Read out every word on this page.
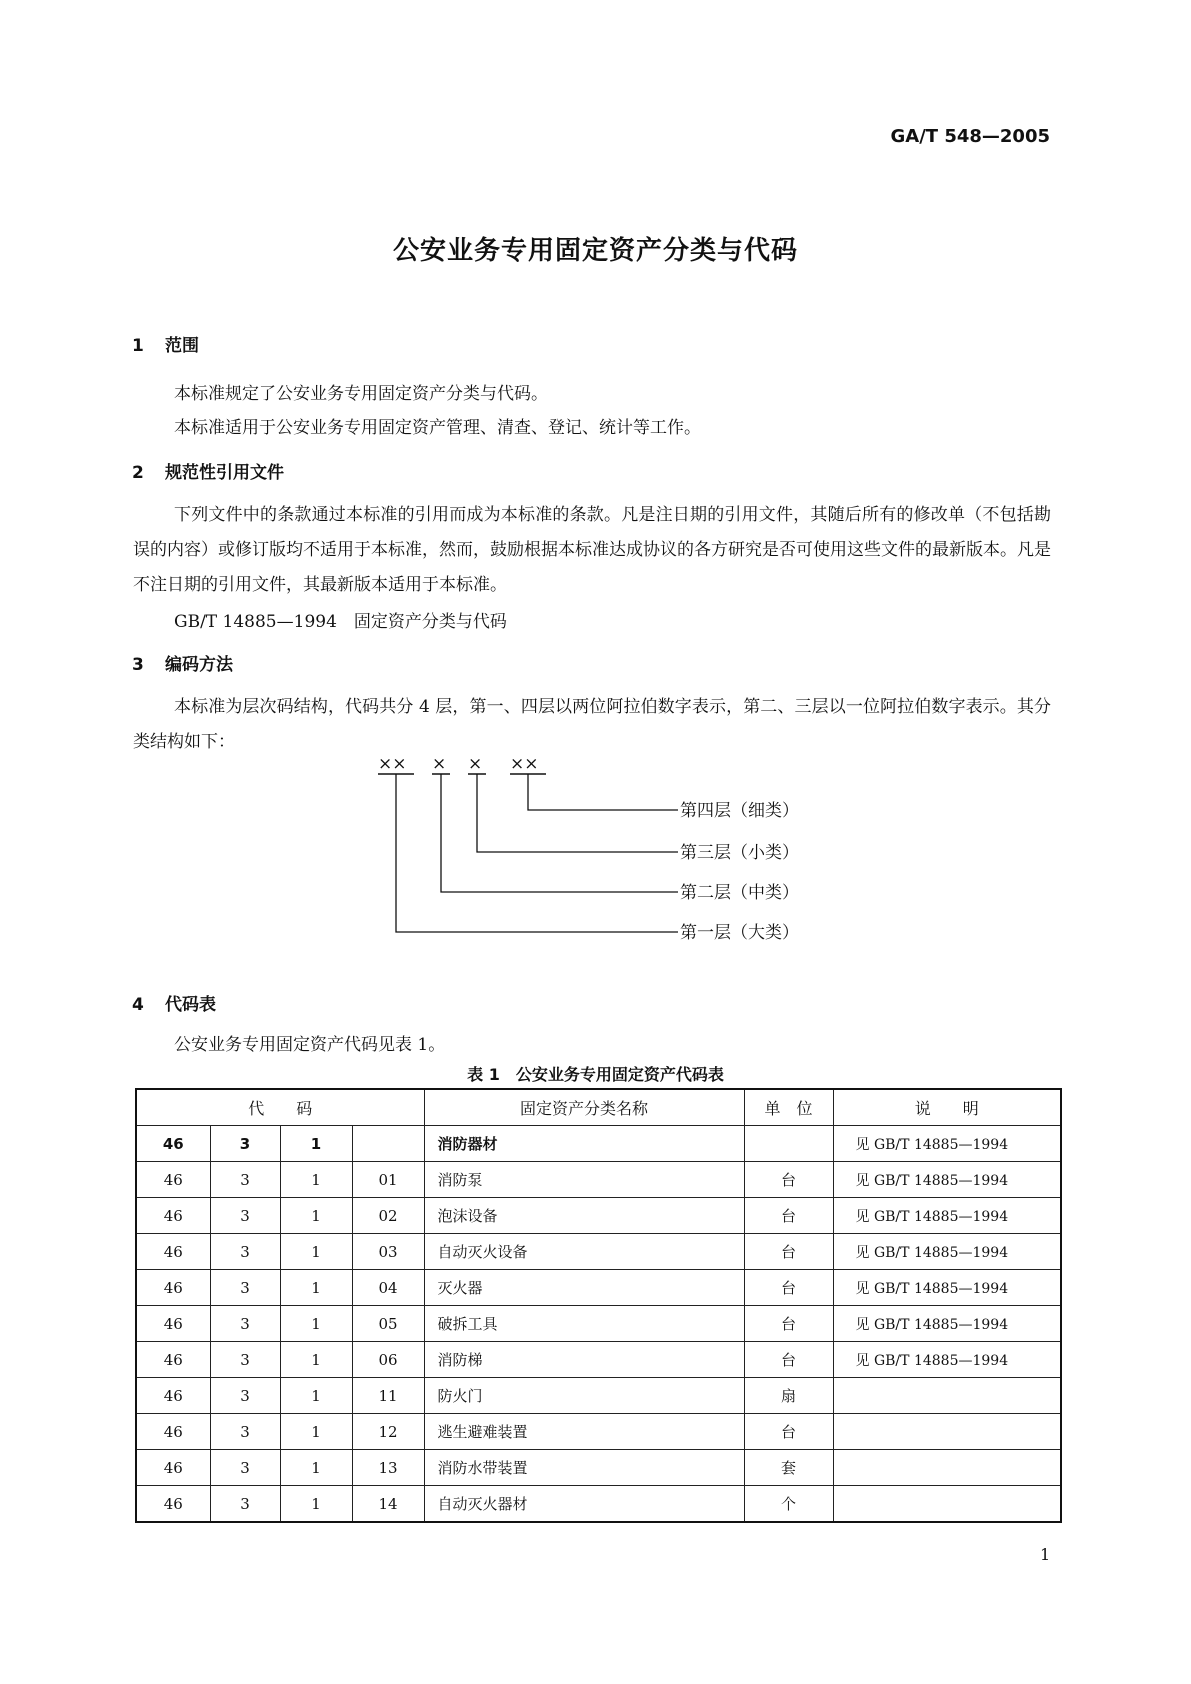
GA/T 548—2005
公安业务专用固定资产分类与代码
1 范围
本标准规定了公安业务专用固定资产分类与代码。
本标准适用于公安业务专用固定资产管理、清查、登记、统计等工作。
2 规范性引用文件
下列文件中的条款通过本标准的引用而成为本标准的条款。凡是注日期的引用文件，其随后所有的修改单（不包括勘误的内容）或修订版均不适用于本标准，然而，鼓励根据本标准达成协议的各方研究是否可使用这些文件的最新版本。凡是不注日期的引用文件，其最新版本适用于本标准。
GB/T 14885—1994　固定资产分类与代码
3 编码方法
本标准为层次码结构，代码共分 4 层，第一、四层以两位阿拉伯数字表示，第二、三层以一位阿拉伯数字表示。其分类结构如下：
×× × × ××
第四层（细类）
第三层（小类）
第二层（中类）
第一层（大类）
4 代码表
公安业务专用固定资产代码见表 1。
表 1　公安业务专用固定资产代码表
代　　码				固定资产分类名称	单　位	说　　明
46	3	1		消防器材		见 GB/T 14885—1994
46	3	1	01	消防泵	台	见 GB/T 14885—1994
46	3	1	02	泡沫设备	台	见 GB/T 14885—1994
46	3	1	03	自动灭火设备	台	见 GB/T 14885—1994
46	3	1	04	灭火器	台	见 GB/T 14885—1994
46	3	1	05	破拆工具	台	见 GB/T 14885—1994
46	3	1	06	消防梯	台	见 GB/T 14885—1994
46	3	1	11	防火门	扇	
46	3	1	12	逃生避难装置	台	
46	3	1	13	消防水带装置	套	
46	3	1	14	自动灭火器材	个	
1
